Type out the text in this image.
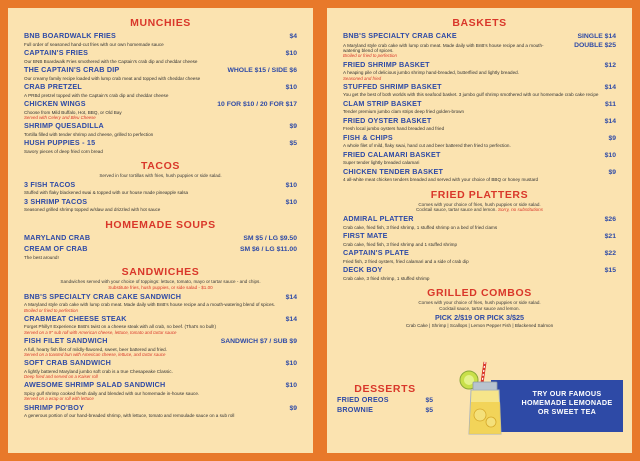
MUNCHIES
BNB BOARDWALK FRIES	$4
Full order of seasoned hand-cut fries with our own homemade sauce
CAPTAIN'S FRIES	$10
Our BNB Boardwalk Fries smothered with the Captain's crab dip and cheddar cheese
THE CAPTAIN'S CRAB DIP	WHOLE $15 / SIDE $6
Our creamy family recipe loaded with lump crab meat and topped with cheddar cheese
CRAB PRETZEL	$10
A PRBd pretzel topped with the Captain's crab dip and cheddar cheese
CHICKEN WINGS	10 FOR $10 / 20 FOR $17
Choose from Mild Buffalo, Hot, BBQ, or Old Bay
Served with Celery and Bleu Cheese
SHRIMP QUESADILLA	$9
Tortilla filled with tender shrimp and cheese, grilled to perfection
HUSH PUPPIES - 15	$5
Savory pieces of deep fried corn bread
TACOS
Served in four tortillas with fries, hush puppies or side salad.
3 FISH TACOS	$10
Stuffed with flaky blackened swai & topped with our house made pineapple salsa
3 SHRIMP TACOS	$10
Seasoned grilled shrimp topped w/slaw and drizzled with hot sauce
HOMEMADE SOUPS
MARYLAND CRAB	SM $5 / LG $9.50
CREAM OF CRAB	SM $6 / LG $11.00
The best around!
SANDWICHES
Sandwiches served with your choice of toppings: lettuce, tomato, mayo or tartar sauce - and chips.
Substitute fries, hush puppies, or side salad - $1.00
BNB'S SPECIALTY CRAB CAKE SANDWICH	$14
A Maryland style crab cake with lump crab meat. Made daily with BnB's house recipe and a mouth-watering blend of spices.
Broiled or fried to perfection
CRABMEAT CHEESE STEAK	$14
Forget Philly!! Experience BnB's twist on a cheese steak with all crab, no beef. (That's no bull!)
Served on a 9" sub roll with American cheese, lettuce, tomato and tartar sauce
FISH FILET SANDWICH	SANDWICH $7 / SUB $9
A full, hearty fish filet of mildly-flavored, sweet, beer battered and fried.
Served on a toasted bun with American cheese, lettuce, and tartar sauce
SOFT CRAB SANDWICH	$10
A lightly battered Maryland jumbo soft crab is a true Chesapeake Classic.
Deep fried and served on a Kaiser roll
AWESOME SHRIMP SALAD SANDWICH	$10
Spicy gulf shrimp cooked fresh daily and blended with our homemade in-house sauce.
Served on a wrap or roll with lettuce
SHRIMP PO'BOY	$9
A generous portion of our hand-breaded shrimp, with lettuce, tomato and remoulade sauce on a sub roll
BASKETS
BNB'S SPECIALTY CRAB CAKE	SINGLE $14
A Maryland style crab cake with lump crab meat. Made daily with BnB's house recipe and a mouth-watering blend of spices.
DOUBLE $25
Broiled or fried to perfection
FRIED SHRIMP BASKET	$12
A heaping pile of delicious jumbo shrimp hand-breaded, butterflied and lightly breaded.
Seasoned and fried
STUFFED SHRIMP BASKET	$14
You get the best of both worlds with this seafood basket. 3 jumbo gulf shrimp smothered with our homemade crab cake recipe
CLAM STRIP BASKET	$11
Tender premium jumbo clam strips deep fried golden-brown
FRIED OYSTER BASKET	$14
Fresh local jumbo oysters hand breaded and fried
FISH & CHIPS	$9
A whole filet of mild, flaky swai, hand cut and beer battered then fried to perfection.
FRIED CALAMARI BASKET	$10
Super tender lightly breaded calamari
CHICKEN TENDER BASKET	$9
4 all-white meat chicken tenders breaded and served with your choice of BBQ or honey mustard
FRIED PLATTERS
Comes with your choice of fries, hush puppies or side salad.
Cocktail sauce, tartar sauce and lemon. Sorry, no substitutions
ADMIRAL PLATTER	$26
Crab cake, fried fish, 3 fried shrimp, 1 stuffed shrimp on a bed of fried clams
FIRST MATE	$21
Crab cake, fried fish, 3 fried shrimp and 1 stuffed shrimp
CAPTAIN'S PLATE	$22
Fried fish, 2 fried oysters, fried calamari and a side of crab dip
DECK BOY	$15
Crab cake, 3 fried shrimp, 1 stuffed shrimp
GRILLED COMBOS
Comes with your choice of fries, hush puppies or side salad.
Cocktail sauce, tartar sauce and lemon.
PICK 2/$19 OR PICK 3/$25
Crab Cake | Shrimp | Scallops | Lemon Pepper Fish | Blackened Salmon
DESSERTS
FRIED OREOS	$5
BROWNIE	$5
TRY OUR FAMOUS
HOMEMADE LEMONADE
OR SWEET TEA
